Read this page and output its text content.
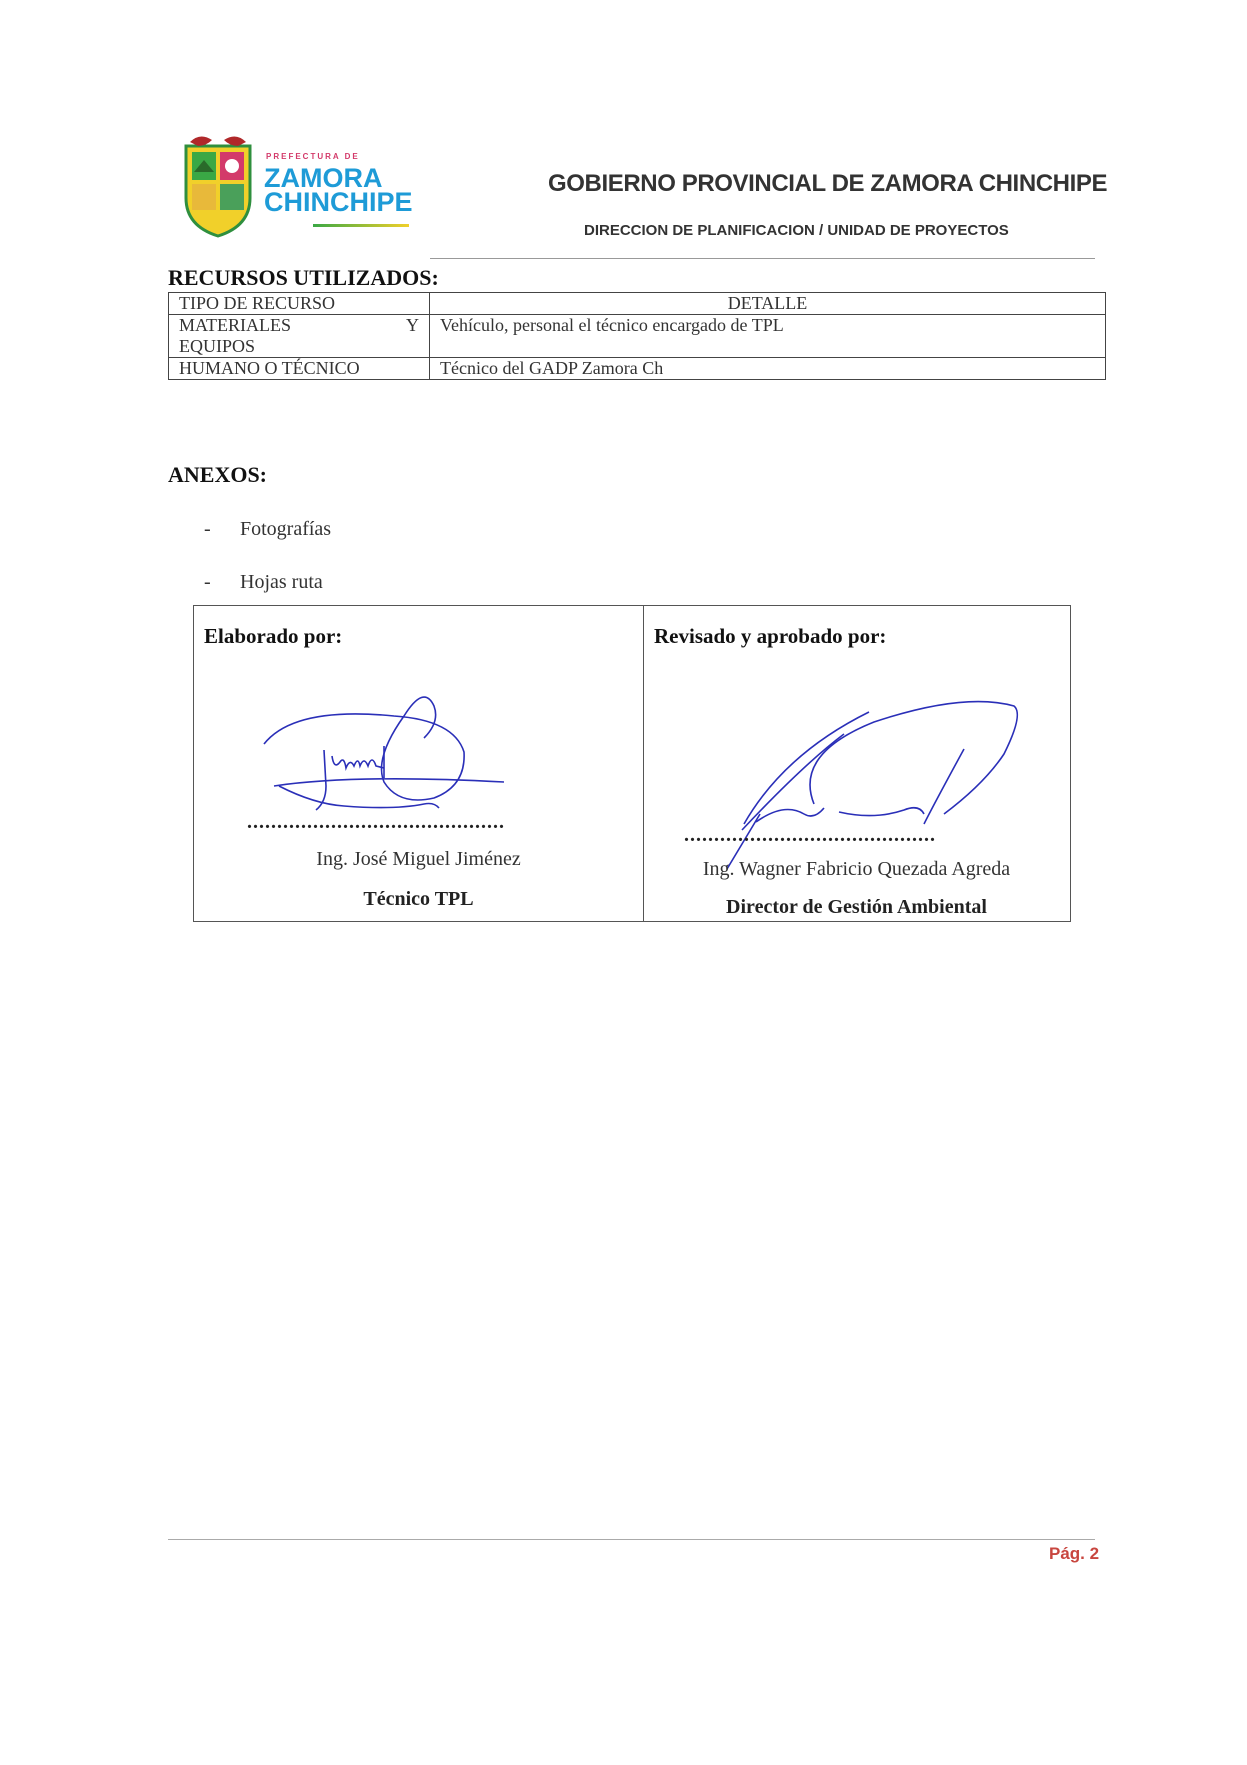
PREFECTURA DE
ZAMORA
CHINCHIPE
GOBIERNO PROVINCIAL DE ZAMORA CHINCHIPE
DIRECCION DE PLANIFICACION / UNIDAD DE PROYECTOS
RECURSOS UTILIZADOS:
TIPO DE RECURSO	DETALLE

MATERIALES Y
EQUIPOS	Vehículo, personal el técnico encargado de TPL
HUMANO O TÉCNICO	Técnico del GADP Zamora Ch
ANEXOS:
- Fotografías
- Hojas ruta
Elaborado por:
...........................................
Ing. José Miguel Jiménez
Técnico TPL
Revisado y aprobado por:
..........................................
Ing. Wagner Fabricio Quezada Agreda
Director de Gestión Ambiental
Pág. 2
